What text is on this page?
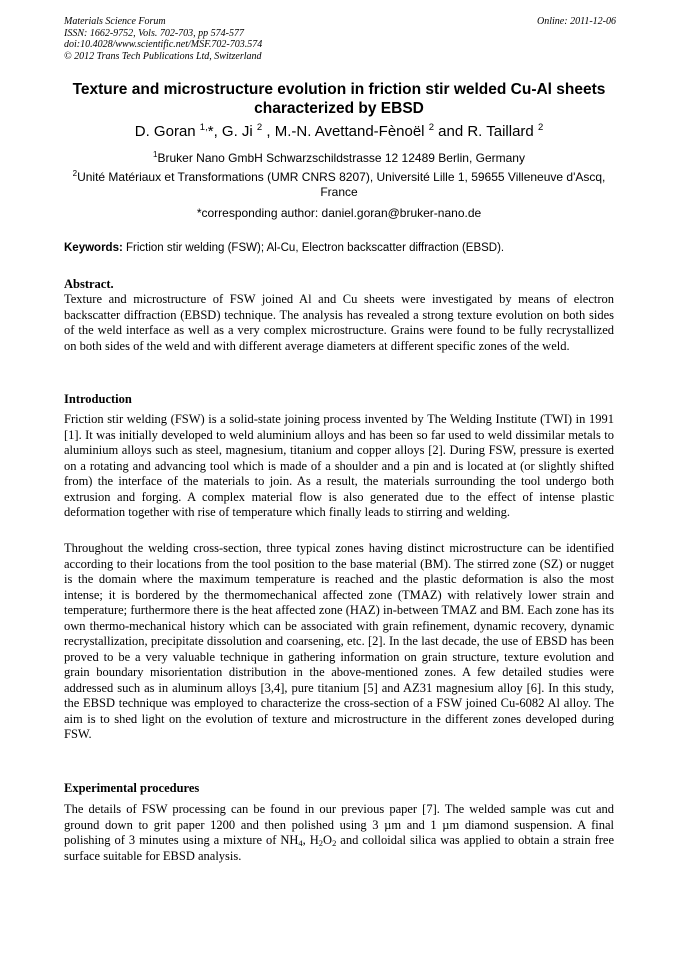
Materials Science Forum
ISSN: 1662-9752, Vols. 702-703, pp 574-577
doi:10.4028/www.scientific.net/MSF.702-703.574
© 2012 Trans Tech Publications Ltd, Switzerland
Online: 2011-12-06
Texture and microstructure evolution in friction stir welded Cu-Al sheets characterized by EBSD
D. Goran $^{1,}$*, G. Ji $^2$ , M.-N. Avettand-Fènoël $^2$ and R. Taillard $^2$
$^1$Bruker Nano GmbH Schwarzschildstrasse 12 12489 Berlin, Germany
$^2$Unité Matériaux et Transformations (UMR CNRS 8207), Université Lille 1, 59655 Villeneuve d'Ascq, France
*corresponding author: daniel.goran@bruker-nano.de
Keywords: Friction stir welding (FSW); Al-Cu, Electron backscatter diffraction (EBSD).
Abstract.
Texture and microstructure of FSW joined Al and Cu sheets were investigated by means of electron backscatter diffraction (EBSD) technique. The analysis has revealed a strong texture evolution on both sides of the weld interface as well as a very complex microstructure. Grains were found to be fully recrystallized on both sides of the weld and with different average diameters at different specific zones of the weld.
Introduction
Friction stir welding (FSW) is a solid-state joining process invented by The Welding Institute (TWI) in 1991 [1]. It was initially developed to weld aluminium alloys and has been so far used to weld dissimilar metals to aluminium alloys such as steel, magnesium, titanium and copper alloys [2]. During FSW, pressure is exerted on a rotating and advancing tool which is made of a shoulder and a pin and is located at (or slightly shifted from) the interface of the materials to join. As a result, the materials surrounding the tool undergo both extrusion and forging. A complex material flow is also generated due to the effect of intense plastic deformation together with rise of temperature which finally leads to stirring and welding.
Throughout the welding cross-section, three typical zones having distinct microstructure can be identified according to their locations from the tool position to the base material (BM). The stirred zone (SZ) or nugget is the domain where the maximum temperature is reached and the plastic deformation is also the most intense; it is bordered by the thermomechanical affected zone (TMAZ) with relatively lower strain and temperature; furthermore there is the heat affected zone (HAZ) in-between TMAZ and BM. Each zone has its own thermo-mechanical history which can be associated with grain refinement, dynamic recovery, dynamic recrystallization, precipitate dissolution and coarsening, etc. [2]. In the last decade, the use of EBSD has been proved to be a very valuable technique in gathering information on grain structure, texture evolution and grain boundary misorientation distribution in the above-mentioned zones. A few detailed studies were addressed such as in aluminum alloys [3,4], pure titanium [5] and AZ31 magnesium alloy [6]. In this study, the EBSD technique was employed to characterize the cross-section of a FSW joined Cu-6082 Al alloy. The aim is to shed light on the evolution of texture and microstructure in the different zones developed during FSW.
Experimental procedures
The details of FSW processing can be found in our previous paper [7]. The welded sample was cut and ground down to grit paper 1200 and then polished using 3 µm and 1 µm diamond suspension. A final polishing of 3 minutes using a mixture of $NH_4$, $H_2O_2$ and colloidal silica was applied to obtain a strain free surface suitable for EBSD analysis.
